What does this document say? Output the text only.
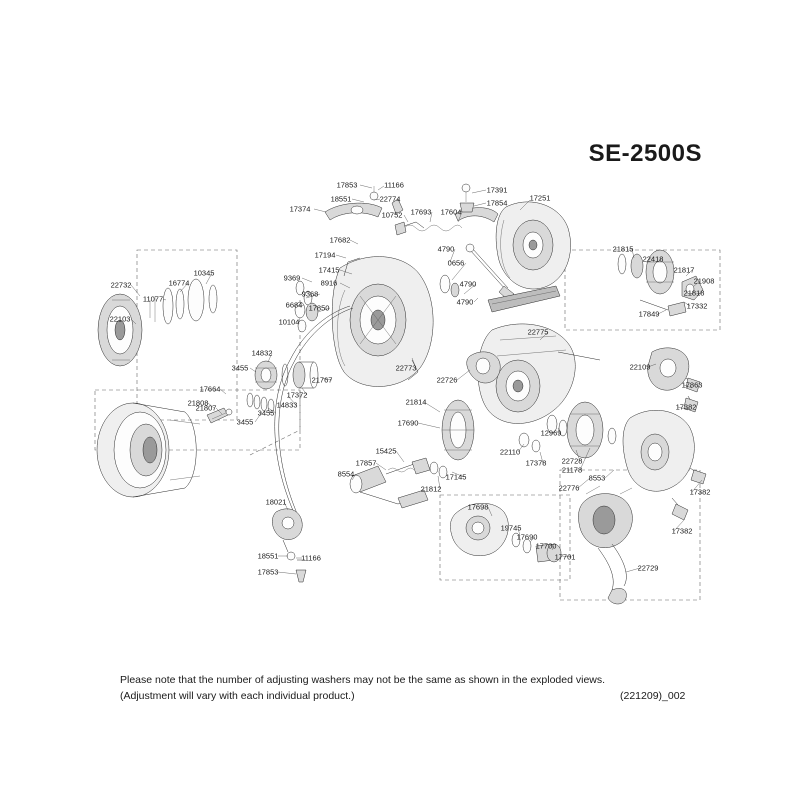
SE-2500S
Please note that the number of adjusting washers may not be the same as shown in the exploded views.
(Adjustment will vary with each individual product.)	(221209)_002
17853	11166
17391
18551	22774
17374
17854
17251
10752 17693 17604
17682
17194
4790	21815
22418
21817
21908
21818
9369
17415
0656
22732	16774
10345
11077
8916	4790
6684
9368
17849
22103
17850
4790	17332
10104
22775
14832
3455	22109
21767
17863
22726
22773
17664
17372
21808	14833	17382
21807
3455
21814
3455	17690
12969
22110
17378 22728
21178
15425
17857
17145	8553
8554
22776	17382
21812
18021
17698
19745	17382
17690
17700
18551	11166	17701
17853	22729
